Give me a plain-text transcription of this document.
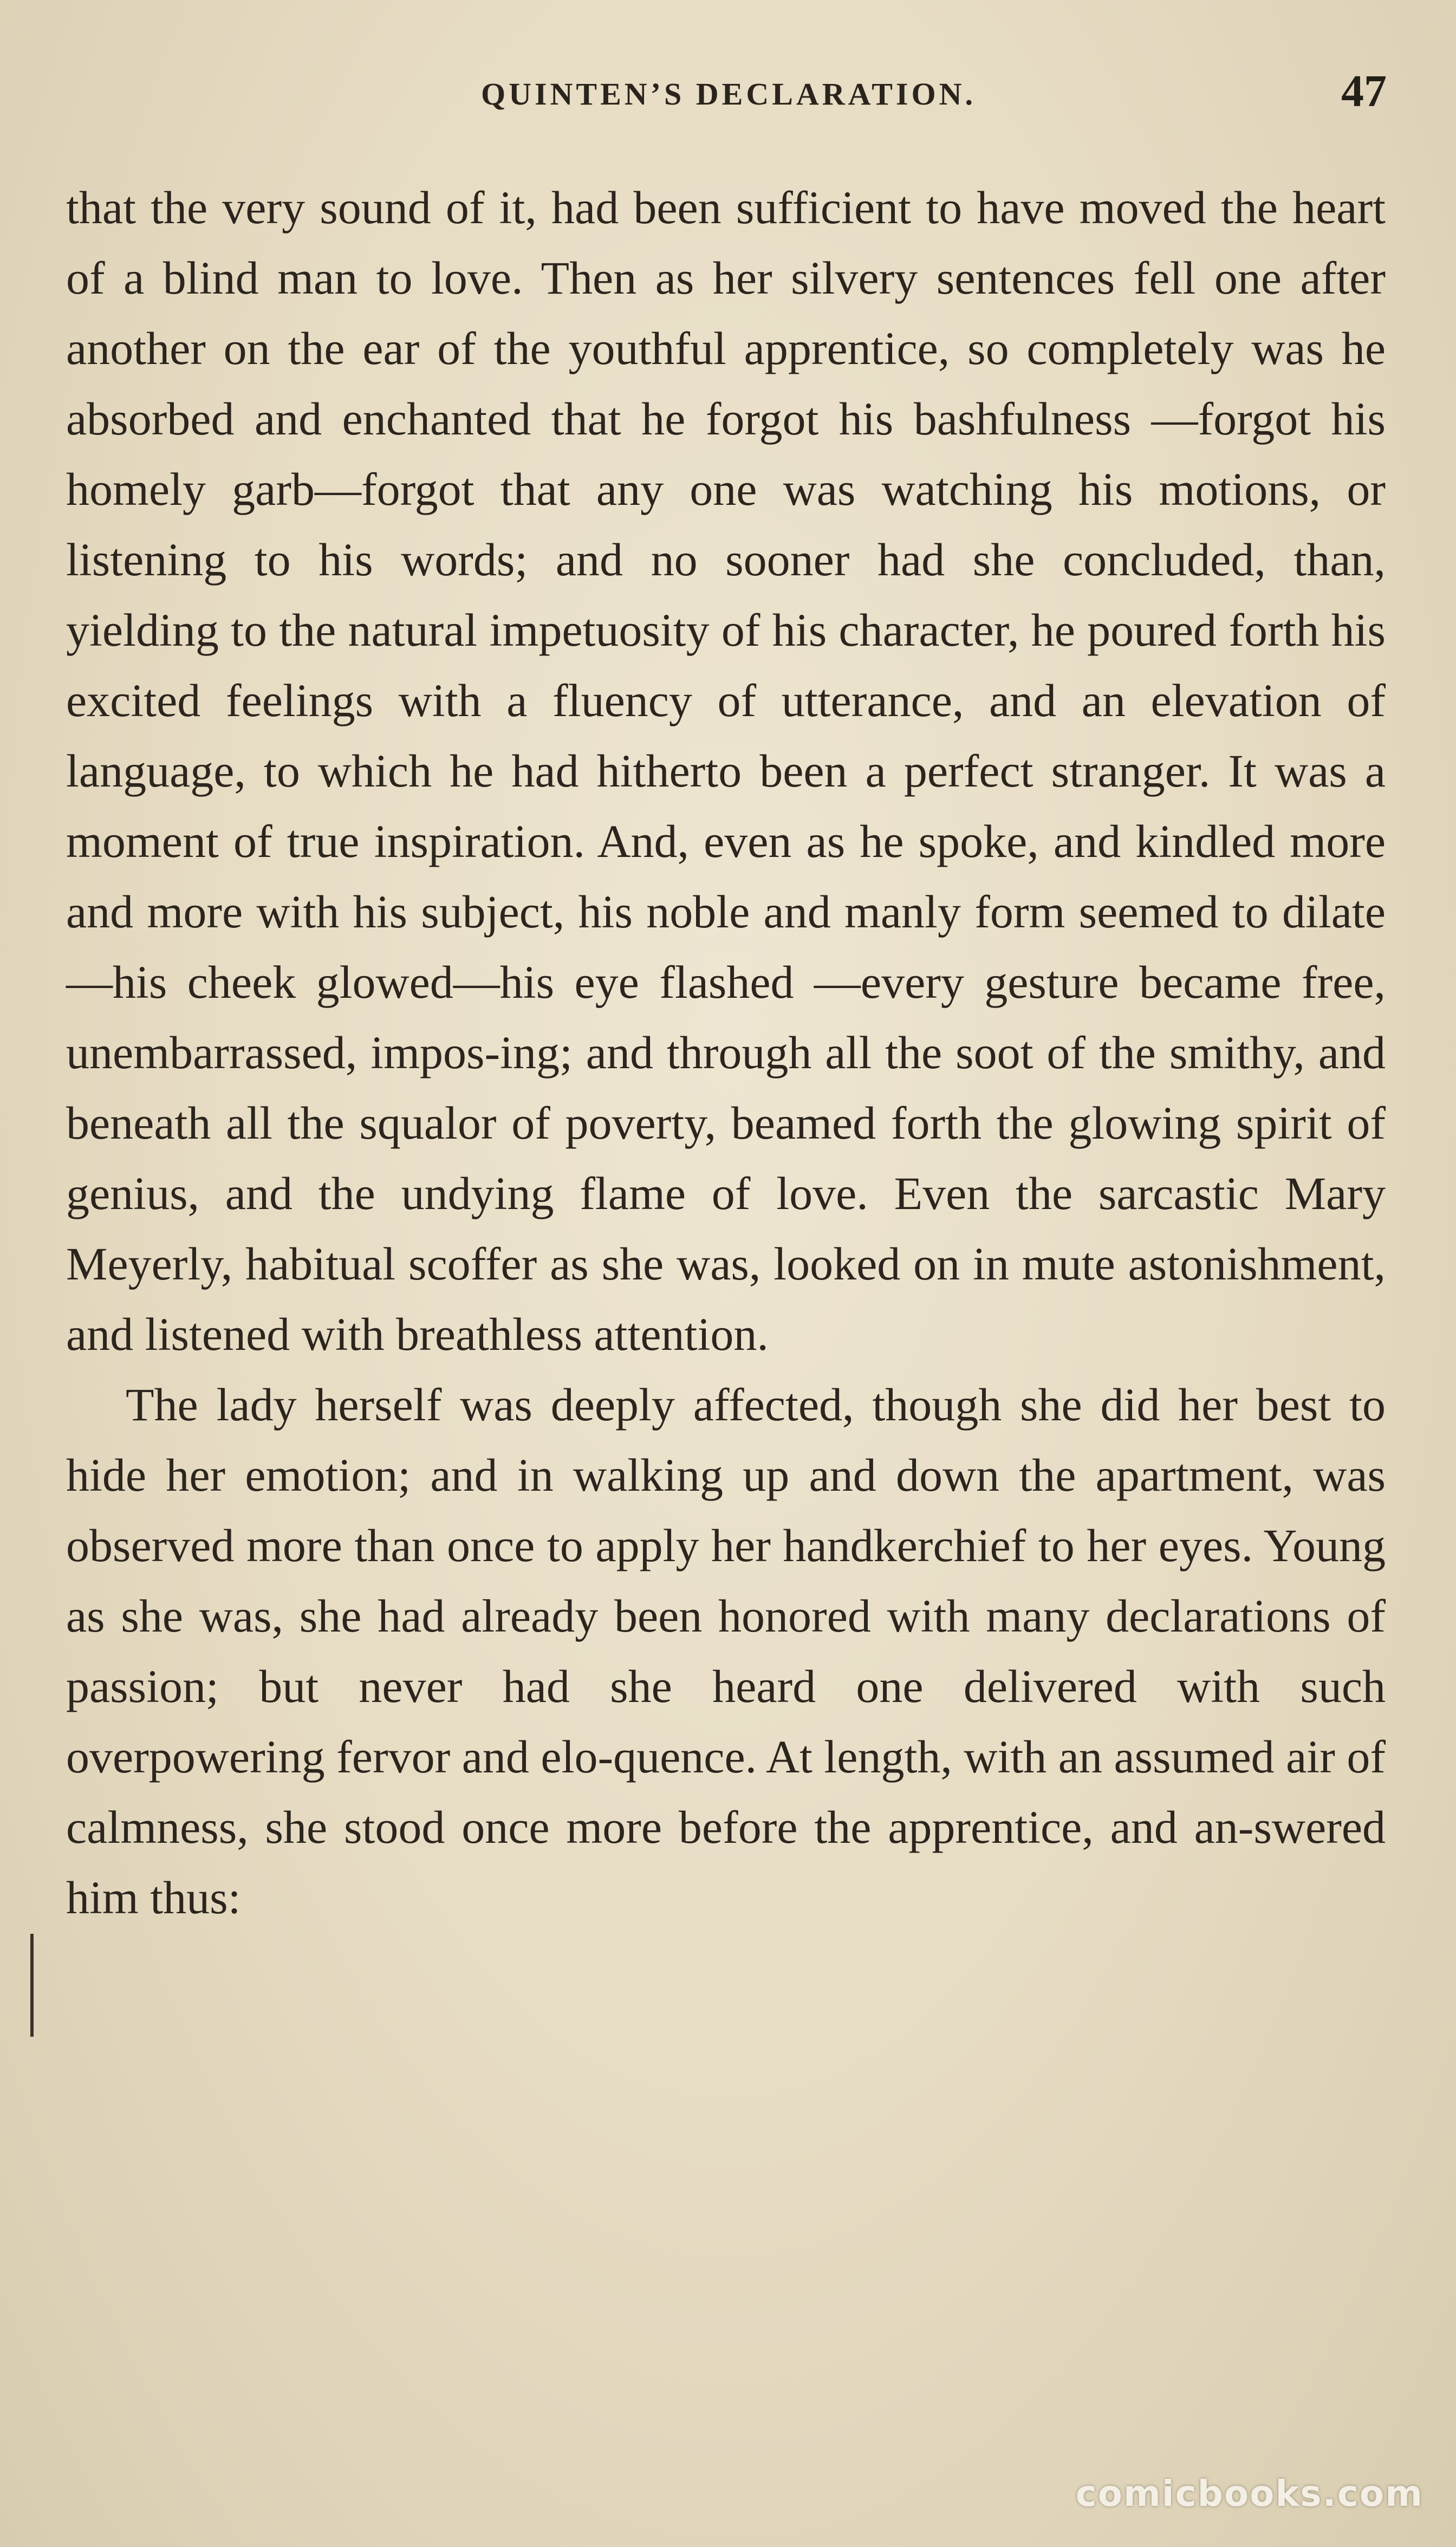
QUINTEN’S DECLARATION.	47

that the very sound of it, had been sufficient to have moved the heart of a blind man to love. Then as her silvery sentences fell one after another on the ear of the youthful apprentice, so completely was he absorbed and enchanted that he forgot his bashfulness —forgot his homely garb—forgot that any one was watching his motions, or listening to his words; and no sooner had she concluded, than, yielding to the natural impetuosity of his character, he poured forth his excited feelings with a fluency of utterance, and an elevation of language, to which he had hitherto been a perfect stranger. It was a moment of true inspiration. And, even as he spoke, and kindled more and more with his subject, his noble and manly form seemed to dilate—his cheek glowed—his eye flashed —every gesture became free, unembarrassed, impos-ing; and through all the soot of the smithy, and beneath all the squalor of poverty, beamed forth the glowing spirit of genius, and the undying flame of love. Even the sarcastic Mary Meyerly, habitual scoffer as she was, looked on in mute astonishment, and listened with breathless attention.

The lady herself was deeply affected, though she did her best to hide her emotion; and in walking up and down the apartment, was observed more than once to apply her handkerchief to her eyes. Young as she was, she had already been honored with many declarations of passion; but never had she heard one delivered with such overpowering fervor and elo-quence. At length, with an assumed air of calmness, she stood once more before the apprentice, and an-swered him thus:

comicbooks.com
